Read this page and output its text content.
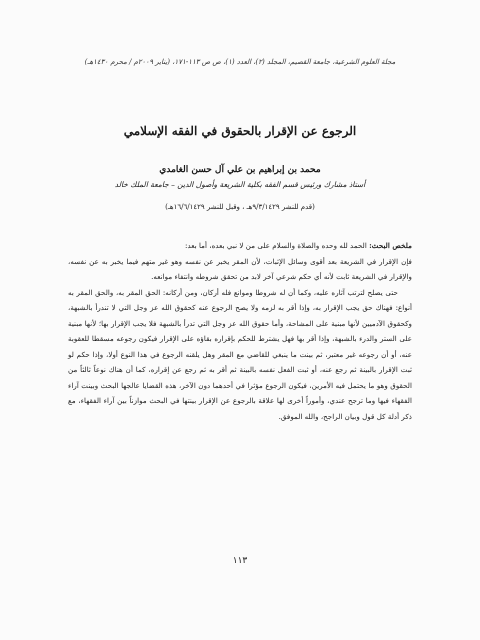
مجلة العلوم الشرعية، جامعة القصيم، المجلد (٢)، العدد (١)، ص ص ١١٣-١٧١، (يناير ٢٠٠٩م / محرم ١٤٣٠هـ)
الرجوع عن الإقرار بالحقوق في الفقه الإسلامي
محمد بن إبراهيم بن علي آل حسن الغامدي
أستاذ مشارك ورئيس قسم الفقه بكلية الشريعة وأصول الدين – جامعة الملك خالد
(قدم للنشر ٩/٣/١٤٢٩هـ ، وقبل للنشر ١٦/٦/١٤٢٩هـ)

ملخص البحث: الحمد لله وحده والصلاة والسلام على من لا نبي بعده، أما بعد:

فإن الإقرار في الشريعة بعد أقوى وسائل الإثبات، لأن المقر يخبر عن نفسه وهو غير متهم فيما يخبر به عن نفسه، والإقرار في الشريعة ثابت لأنه أي حكم شرعي آخر لابد من تحقق شروطه وانتفاء موانعه.

حتى يصلح لترتب آثاره عليه، وكما أن له شروطا وموانع فله أركان، ومن أركانه: الحق المقر به، والحق المقر به أنواع: فهناك حق يجب الإقرار به، وإذا أقر به لزمه ولا يصح الرجوع عنه كحقوق الله عز وجل التي لا تندرأ بالشبهة، وكحقوق الآدميين لأنها مبنية على المشاحة، وأما حقوق الله عز وجل التي تدرأ بالشبهة فلا يجب الإقرار بها؛ لأنها مبنية على الستر والدرء بالشبهة، وإذا أقر بها فهل يشترط للحكم بإقراره بقاؤه على الإقرار فيكون رجوعه مسقطا للعقوبة عنه، أو أن رجوعه غير معتبر، ثم بينت ما ينبغي للقاضي مع المقر وهل يلقنه الرجوع في هذا النوع أولا، وإذا حكم لو ثبت الإقرار بالبينة ثم رجع عنه، أو ثبت الفعل نفسه بالبينة ثم أقر به ثم رجع عن إقراره، كما أن هناك نوعاً ثالثاً من الحقوق وهو ما يحتمل فيه الأمرين، فيكون الرجوع مؤثرا في أحدهما دون الآخر، هذه القضايا عالجها البحث وبينت آراء الفقهاء فيها وما ترجح عندي، وأموراً أخرى لها علاقة بالرجوع عن الإقرار بينتها في البحث موازناً بين آراء الفقهاء، مع ذكر أدلة كل قول وبيان الراجح، والله الموفق.

١١٣
